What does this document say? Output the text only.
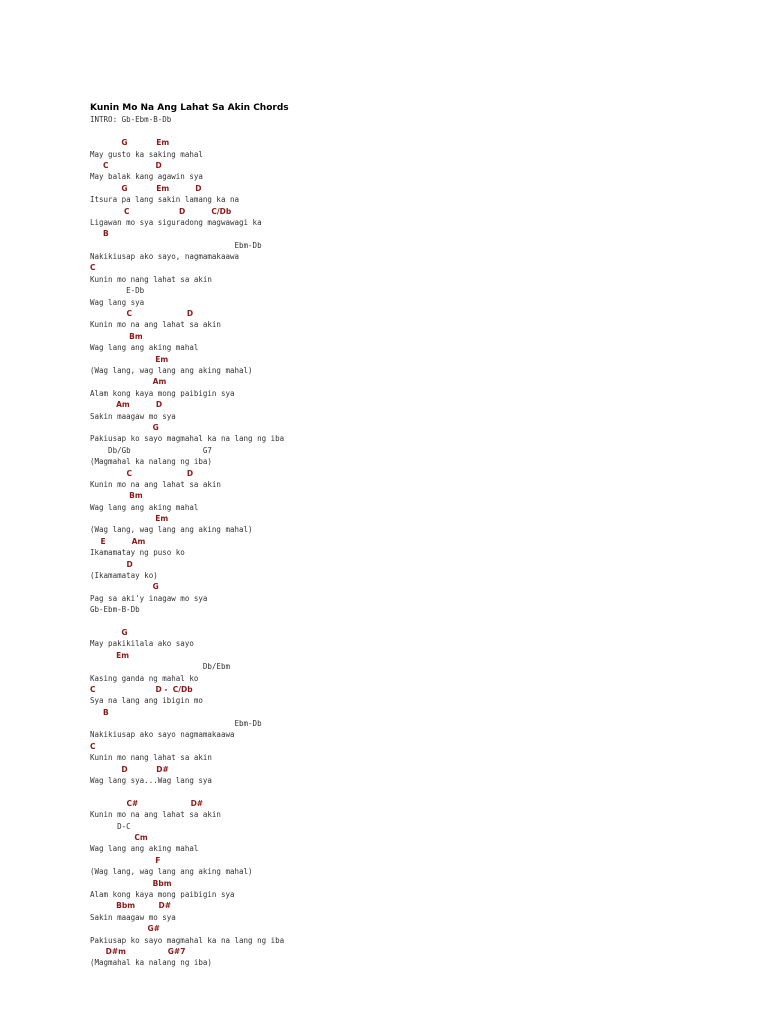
Kunin Mo Na Ang Lahat Sa Akin Chords
INTRO: Gb-Ebm-B-Db
G           Em
May gusto ka saking mahal
C                  D
May balak kang agawin sya
G           Em          D
Itsura pa lang sakin lamang ka na
C                   D          C/Db
Ligawan mo sya siguradong magwawagi ka
B
Ebm-Db
Nakikiusap ako sayo, nagmamakaawa
C
Kunin mo nang lahat sa akin
E-Db
Wag lang sya
C                     D
Kunin mo na ang lahat sa akin
Bm
Wag lang ang aking mahal
Em
(Wag lang, wag lang ang aking mahal)
Am
Alam kong kaya mong paibigin sya
Am          D
Sakin maagaw mo sya
G
Pakiusap ko sayo magmahal ka na lang ng iba
Db/Gb                G7
(Magmahal ka nalang ng iba)
C                     D
Kunin mo na ang lahat sa akin
Bm
Wag lang ang aking mahal
Em
(Wag lang, wag lang ang aking mahal)
E          Am
Ikamamatay ng puso ko
D
(Ikamamatay ko)
G
Pag sa aki'y inagaw mo sya
Gb-Ebm-B-Db
G
May pakikilala ako sayo
Em
Db/Ebm
Kasing ganda ng mahal ko
C                       D -  C/Db
Sya na lang ang ibigin mo
B
Ebm-Db
Nakikiusap ako sayo nagmamakaawa
C
Kunin mo nang lahat sa akin
D           D#
Wag lang sya...Wag lang sya
C#                    D#
Kunin mo na ang lahat sa akin
D-C
Cm
Wag lang ang aking mahal
F
(Wag lang, wag lang ang aking mahal)
Bbm
Alam kong kaya mong paibigin sya
Bbm         D#
Sakin maagaw mo sya
G#
Pakiusap ko sayo magmahal ka na lang ng iba
D#m                G#7
(Magmahal ka nalang ng iba)
